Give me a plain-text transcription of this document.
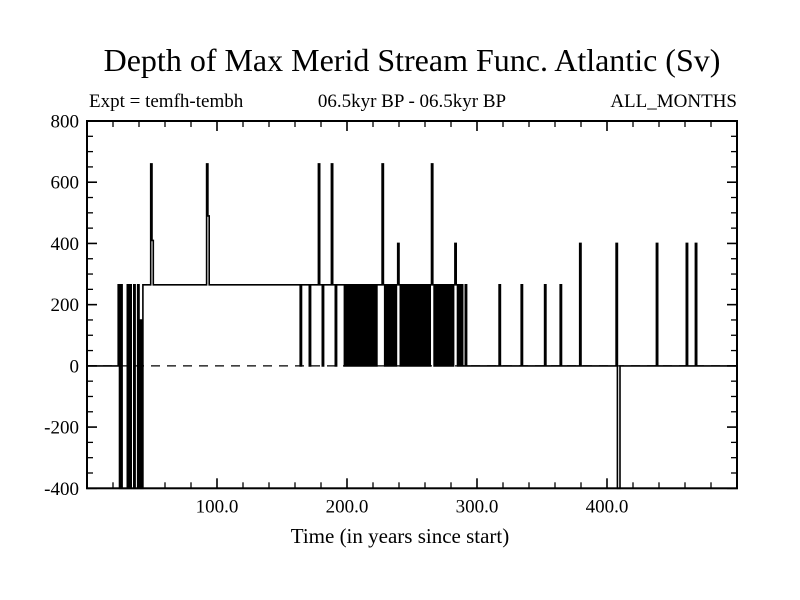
Depth of Max Merid Stream Func. Atlantic (Sv)
Expt = temfh-tembh	06.5kyr BP - 06.5kyr BP	ALL_MONTHS
800
600
400
200
0
-200
-400
100.0	200.0	300.0	400.0
Time (in years since start)
